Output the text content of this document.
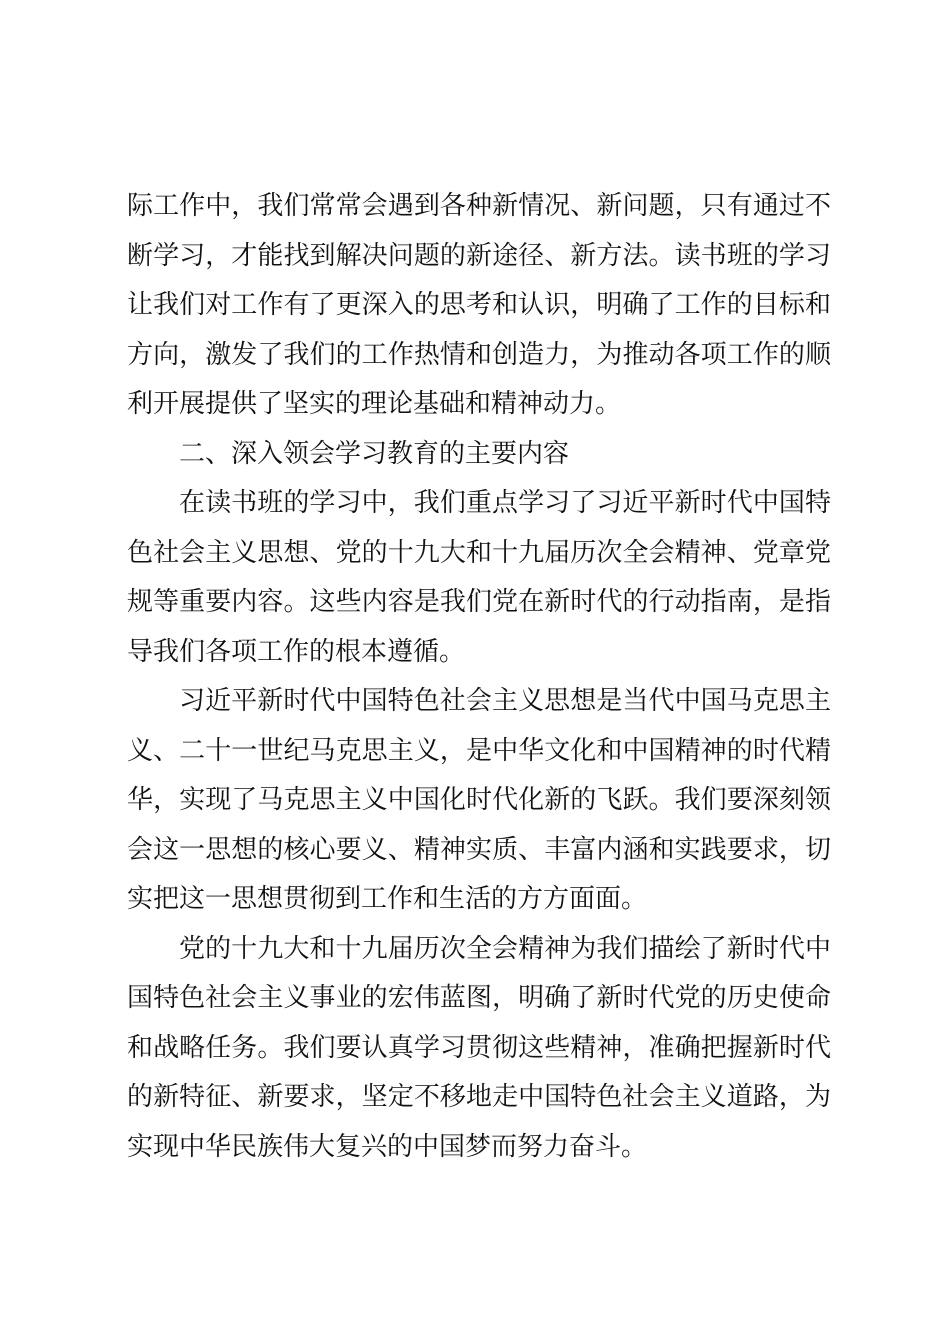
际工作中，我们常常会遇到各种新情况、新问题，只有通过不
断学习，才能找到解决问题的新途径、新方法。读书班的学习
让我们对工作有了更深入的思考和认识，明确了工作的目标和
方向，激发了我们的工作热情和创造力，为推动各项工作的顺
利开展提供了坚实的理论基础和精神动力。
二、深入领会学习教育的主要内容
在读书班的学习中，我们重点学习了习近平新时代中国特
色社会主义思想、党的十九大和十九届历次全会精神、党章党
规等重要内容。这些内容是我们党在新时代的行动指南，是指
导我们各项工作的根本遵循。
习近平新时代中国特色社会主义思想是当代中国马克思主
义、二十一世纪马克思主义，是中华文化和中国精神的时代精
华，实现了马克思主义中国化时代化新的飞跃。我们要深刻领
会这一思想的核心要义、精神实质、丰富内涵和实践要求，切
实把这一思想贯彻到工作和生活的方方面面。
党的十九大和十九届历次全会精神为我们描绘了新时代中
国特色社会主义事业的宏伟蓝图，明确了新时代党的历史使命
和战略任务。我们要认真学习贯彻这些精神，准确把握新时代
的新特征、新要求，坚定不移地走中国特色社会主义道路，为
实现中华民族伟大复兴的中国梦而努力奋斗。
